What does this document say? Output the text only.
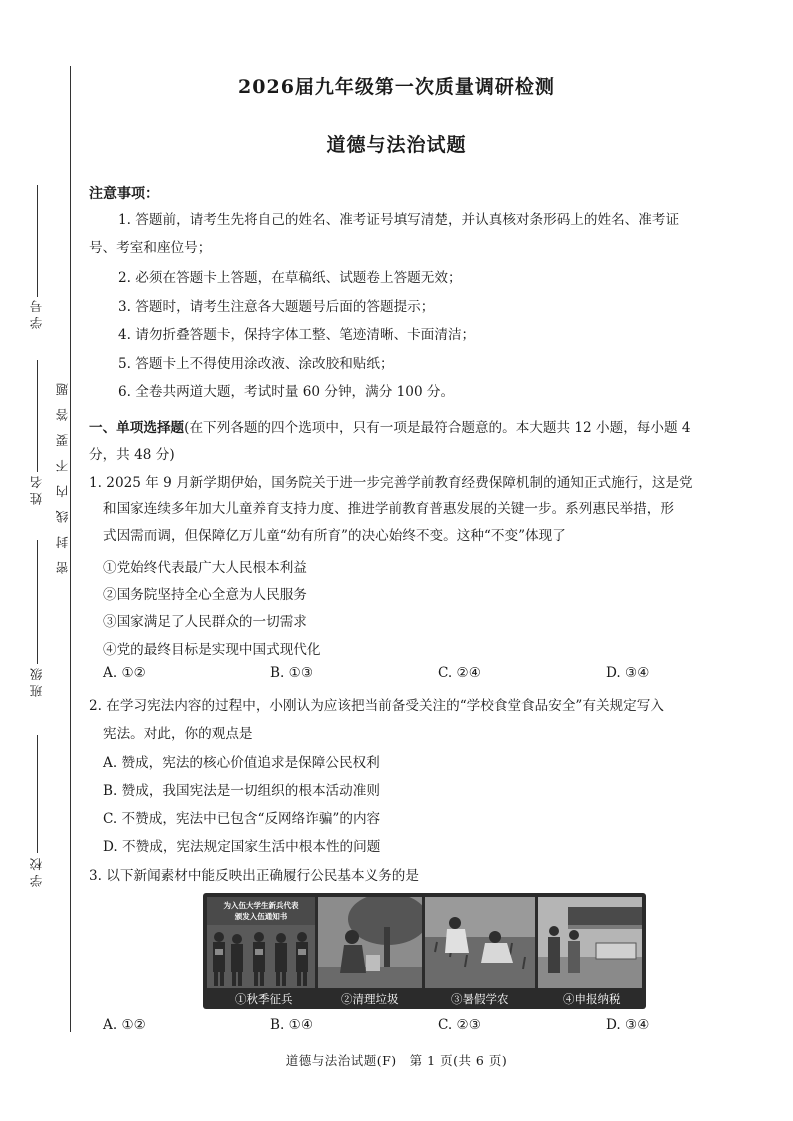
学 校
班 级
姓 名
学 号
密封线内不要答题
2026届九年级第一次质量调研检测
道德与法治试题
注意事项：
1. 答题前，请考生先将自己的姓名、准考证号填写清楚，并认真核对条形码上的姓名、准考证
号、考室和座位号；
2. 必须在答题卡上答题，在草稿纸、试题卷上答题无效；
3. 答题时，请考生注意各大题题号后面的答题提示；
4. 请勿折叠答题卡，保持字体工整、笔迹清晰、卡面清洁；
5. 答题卡上不得使用涂改液、涂改胶和贴纸；
6. 全卷共两道大题，考试时量 60 分钟，满分 100 分。
一、单项选择题(在下列各题的四个选项中，只有一项是最符合题意的。本大题共 12 小题，每小题 4
分，共 48 分)
1. 2025 年 9 月新学期伊始，国务院关于进一步完善学前教育经费保障机制的通知正式施行，这是党
和国家连续多年加大儿童养育支持力度、推进学前教育普惠发展的关键一步。系列惠民举措，形
式因需而调，但保障亿万儿童“幼有所育”的决心始终不变。这种“不变”体现了
①党始终代表最广大人民根本利益
②国务院坚持全心全意为人民服务
③国家满足了人民群众的一切需求
④党的最终目标是实现中国式现代化
A. ①②	B. ①③	C. ②④	D. ③④
2. 在学习宪法内容的过程中，小刚认为应该把当前备受关注的“学校食堂食品安全”有关规定写入
宪法。对此，你的观点是
A. 赞成，宪法的核心价值追求是保障公民权利
B. 赞成，我国宪法是一切组织的根本活动准则
C. 不赞成，宪法中已包含“反网络诈骗”的内容
D. 不赞成，宪法规定国家生活中根本性的问题
3. 以下新闻素材中能反映出正确履行公民基本义务的是
为入伍大学生新兵代表
颁发入伍通知书
①秋季征兵	②清理垃圾	③暑假学农	④申报纳税
A. ①②	B. ①④	C. ②③	D. ③④
道德与法治试题(F)　第 1 页(共 6 页)
